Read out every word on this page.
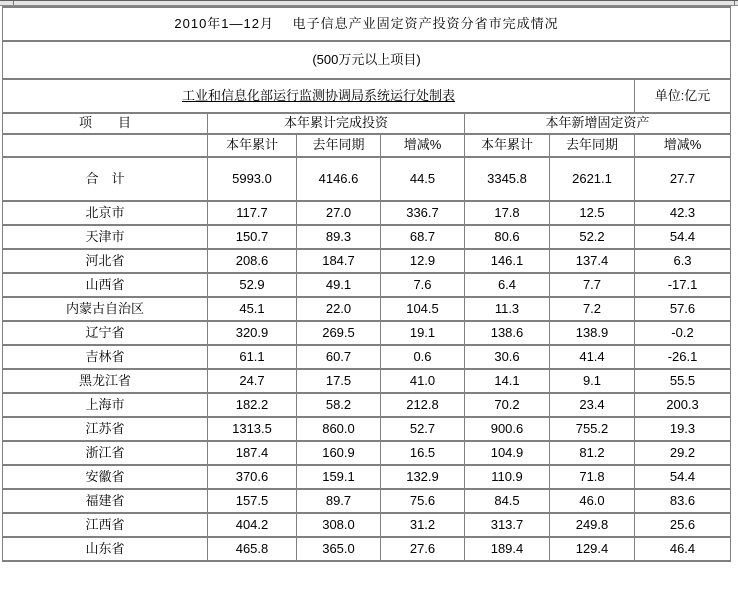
2010年1—12月　 电子信息产业固定资产投资分省市完成情况						
(500万元以上项目)						
工业和信息化部运行监测协调局系统运行处制表						单位:亿元
项　　目	本年累计完成投资			本年新增固定资产		
	本年累计	去年同期	增减%	本年累计	去年同期	增减%
合　计	5993.0	4146.6	44.5	3345.8	2621.1	27.7
北京市	117.7	27.0	336.7	17.8	12.5	42.3
天津市	150.7	89.3	68.7	80.6	52.2	54.4
河北省	208.6	184.7	12.9	146.1	137.4	6.3
山西省	52.9	49.1	7.6	6.4	7.7	-17.1
内蒙古自治区	45.1	22.0	104.5	11.3	7.2	57.6
辽宁省	320.9	269.5	19.1	138.6	138.9	-0.2
吉林省	61.1	60.7	0.6	30.6	41.4	-26.1
黑龙江省	24.7	17.5	41.0	14.1	9.1	55.5
上海市	182.2	58.2	212.8	70.2	23.4	200.3
江苏省	1313.5	860.0	52.7	900.6	755.2	19.3
浙江省	187.4	160.9	16.5	104.9	81.2	29.2
安徽省	370.6	159.1	132.9	110.9	71.8	54.4
福建省	157.5	89.7	75.6	84.5	46.0	83.6
江西省	404.2	308.0	31.2	313.7	249.8	25.6
山东省	465.8	365.0	27.6	189.4	129.4	46.4
